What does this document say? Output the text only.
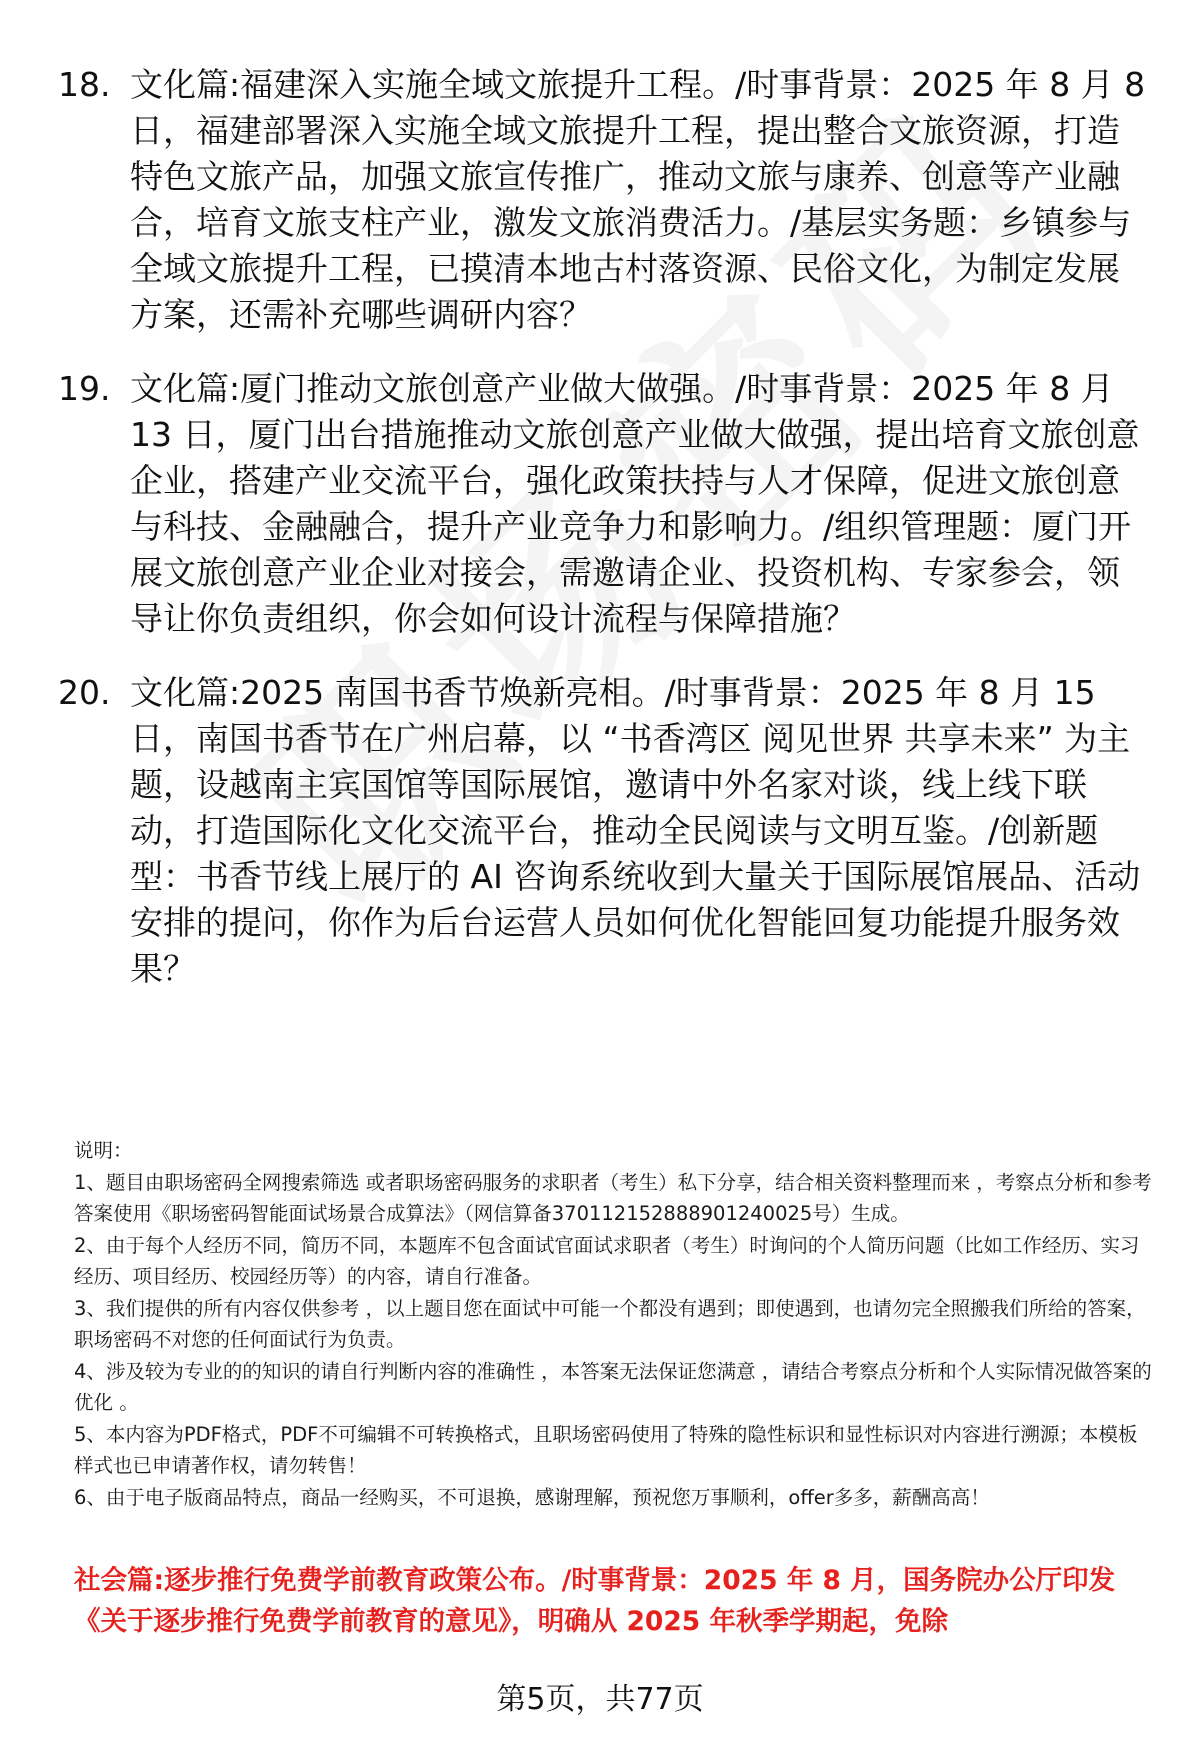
18. 文化篇:福建深入实施全域文旅提升工程。/时事背景：2025 年 8 月 8 日，福建部署深入实施全域文旅提升工程，提出整合文旅资源，打造特色文旅产品，加强文旅宣传推广，推动文旅与康养、创意等产业融合，培育文旅支柱产业，激发文旅消费活力。/基层实务题：乡镇参与全域文旅提升工程，已摸清本地古村落资源、民俗文化，为制定发展方案，还需补充哪些调研内容？
19. 文化篇:厦门推动文旅创意产业做大做强。/时事背景：2025 年 8 月 13 日，厦门出台措施推动文旅创意产业做大做强，提出培育文旅创意企业，搭建产业交流平台，强化政策扶持与人才保障，促进文旅创意与科技、金融融合，提升产业竞争力和影响力。/组织管理题：厦门开展文旅创意产业企业对接会，需邀请企业、投资机构、专家参会，领导让你负责组织，你会如何设计流程与保障措施？
20. 文化篇:2025 南国书香节焕新亮相。/时事背景：2025 年 8 月 15 日，南国书香节在广州启幕，以 “书香湾区 阅见世界 共享未来” 为主题，设越南主宾国馆等国际展馆，邀请中外名家对谈，线上线下联动，打造国际化文化交流平台，推动全民阅读与文明互鉴。/创新题型：书香节线上展厅的 AI 咨询系统收到大量关于国际展馆展品、活动安排的提问，你作为后台运营人员如何优化智能回复功能提升服务效果？

说明：

1、题目由职场密码全网搜索筛选 或者职场密码服务的求职者（考生）私下分享，结合相关资料整理而来 ，考察点分析和参考答案使用《职场密码智能面试场景合成算法》（网信算备370112152888901240025号）生成。

2、由于每个人经历不同，简历不同，本题库不包含面试官面试求职者（考生）时询问的个人简历问题（比如工作经历、实习经历、项目经历、校园经历等）的内容，请自行准备。

3、我们提供的所有内容仅供参考 ，以上题目您在面试中可能一个都没有遇到；即使遇到，也请勿完全照搬我们所给的答案，职场密码不对您的任何面试行为负责。

4、涉及较为专业的的知识的请自行判断内容的准确性 ，本答案无法保证您满意 ，请结合考察点分析和个人实际情况做答案的优化 。

5、本内容为PDF格式，PDF不可编辑不可转换格式，且职场密码使用了特殊的隐性标识和显性标识对内容进行溯源；本模板样式也已申请著作权，请勿转售！

6、由于电子版商品特点，商品一经购买，不可退换，感谢理解，预祝您万事顺利，offer多多，薪酬高高！

社会篇:逐步推行免费学前教育政策公布。/时事背景：2025 年 8 月，国务院办公厅印发《关于逐步推行免费学前教育的意见》，明确从 2025 年秋季学期起，免除
第5页，共77页
